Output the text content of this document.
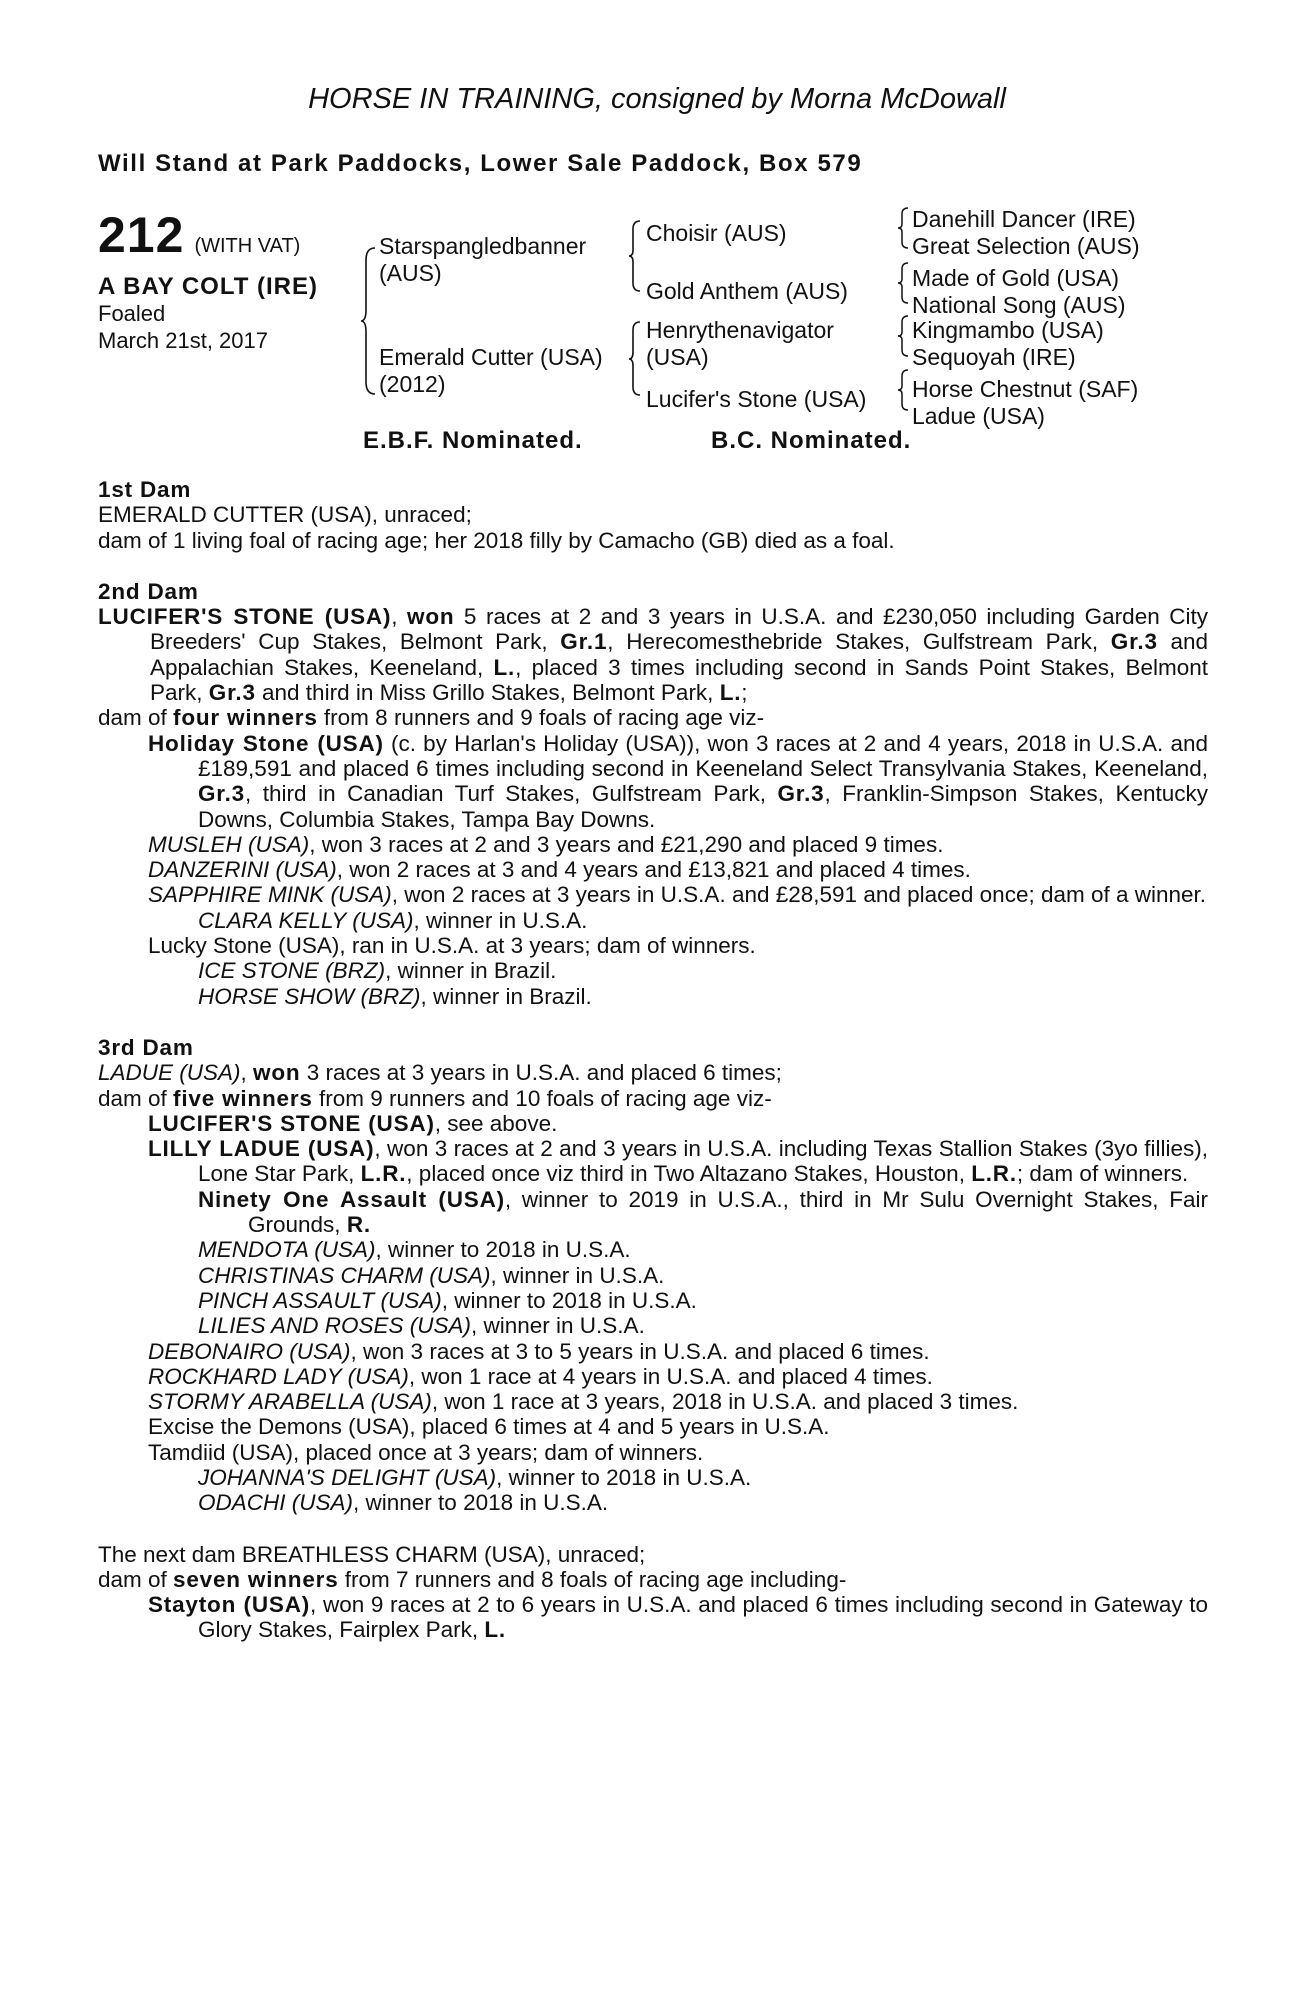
HORSE IN TRAINING, consigned by Morna McDowall
Will Stand at Park Paddocks, Lower Sale Paddock, Box 579
212 (WITH VAT)
A BAY COLT (IRE)
Foaled
March 21st, 2017
Starspangledbanner
(AUS)
Emerald Cutter (USA)
(2012)
Choisir (AUS)
Gold Anthem (AUS)
Henrythenavigator
(USA)
Lucifer's Stone (USA)
Danehill Dancer (IRE)
Great Selection (AUS)
Made of Gold (USA)
National Song (AUS)
Kingmambo (USA)
Sequoyah (IRE)
Horse Chestnut (SAF)
Ladue (USA)
E.B.F. Nominated.	B.C. Nominated.

1st Dam

EMERALD CUTTER (USA), unraced;

dam of 1 living foal of racing age; her 2018 filly by Camacho (GB) died as a foal.

2nd Dam

LUCIFER'S STONE (USA), won 5 races at 2 and 3 years in U.S.A. and £230,050 including Garden City Breeders' Cup Stakes, Belmont Park, Gr.1, Herecomesthebride Stakes, Gulfstream Park, Gr.3 and Appalachian Stakes, Keeneland, L., placed 3 times including second in Sands Point Stakes, Belmont Park, Gr.3 and third in Miss Grillo Stakes, Belmont Park, L.;

dam of four winners from 8 runners and 9 foals of racing age viz-

Holiday Stone (USA) (c. by Harlan's Holiday (USA)), won 3 races at 2 and 4 years, 2018 in U.S.A. and £189,591 and placed 6 times including second in Keeneland Select Transylvania Stakes, Keeneland, Gr.3, third in Canadian Turf Stakes, Gulfstream Park, Gr.3, Franklin-Simpson Stakes, Kentucky Downs, Columbia Stakes, Tampa Bay Downs.

MUSLEH (USA), won 3 races at 2 and 3 years and £21,290 and placed 9 times.

DANZERINI (USA), won 2 races at 3 and 4 years and £13,821 and placed 4 times.

SAPPHIRE MINK (USA), won 2 races at 3 years in U.S.A. and £28,591 and placed once; dam of a winner.

CLARA KELLY (USA), winner in U.S.A.

Lucky Stone (USA), ran in U.S.A. at 3 years; dam of winners.

ICE STONE (BRZ), winner in Brazil.

HORSE SHOW (BRZ), winner in Brazil.

3rd Dam

LADUE (USA), won 3 races at 3 years in U.S.A. and placed 6 times;

dam of five winners from 9 runners and 10 foals of racing age viz-

LUCIFER'S STONE (USA), see above.

LILLY LADUE (USA), won 3 races at 2 and 3 years in U.S.A. including Texas Stallion Stakes (3yo fillies), Lone Star Park, L.R., placed once viz third in Two Altazano Stakes, Houston, L.R.; dam of winners.

Ninety One Assault (USA), winner to 2019 in U.S.A., third in Mr Sulu Overnight Stakes, Fair Grounds, R.

MENDOTA (USA), winner to 2018 in U.S.A.

CHRISTINAS CHARM (USA), winner in U.S.A.

PINCH ASSAULT (USA), winner to 2018 in U.S.A.

LILIES AND ROSES (USA), winner in U.S.A.

DEBONAIRO (USA), won 3 races at 3 to 5 years in U.S.A. and placed 6 times.

ROCKHARD LADY (USA), won 1 race at 4 years in U.S.A. and placed 4 times.

STORMY ARABELLA (USA), won 1 race at 3 years, 2018 in U.S.A. and placed 3 times.

Excise the Demons (USA), placed 6 times at 4 and 5 years in U.S.A.

Tamdiid (USA), placed once at 3 years; dam of winners.

JOHANNA'S DELIGHT (USA), winner to 2018 in U.S.A.

ODACHI (USA), winner to 2018 in U.S.A.

The next dam BREATHLESS CHARM (USA), unraced;

dam of seven winners from 7 runners and 8 foals of racing age including-

Stayton (USA), won 9 races at 2 to 6 years in U.S.A. and placed 6 times including second in Gateway to Glory Stakes, Fairplex Park, L.
